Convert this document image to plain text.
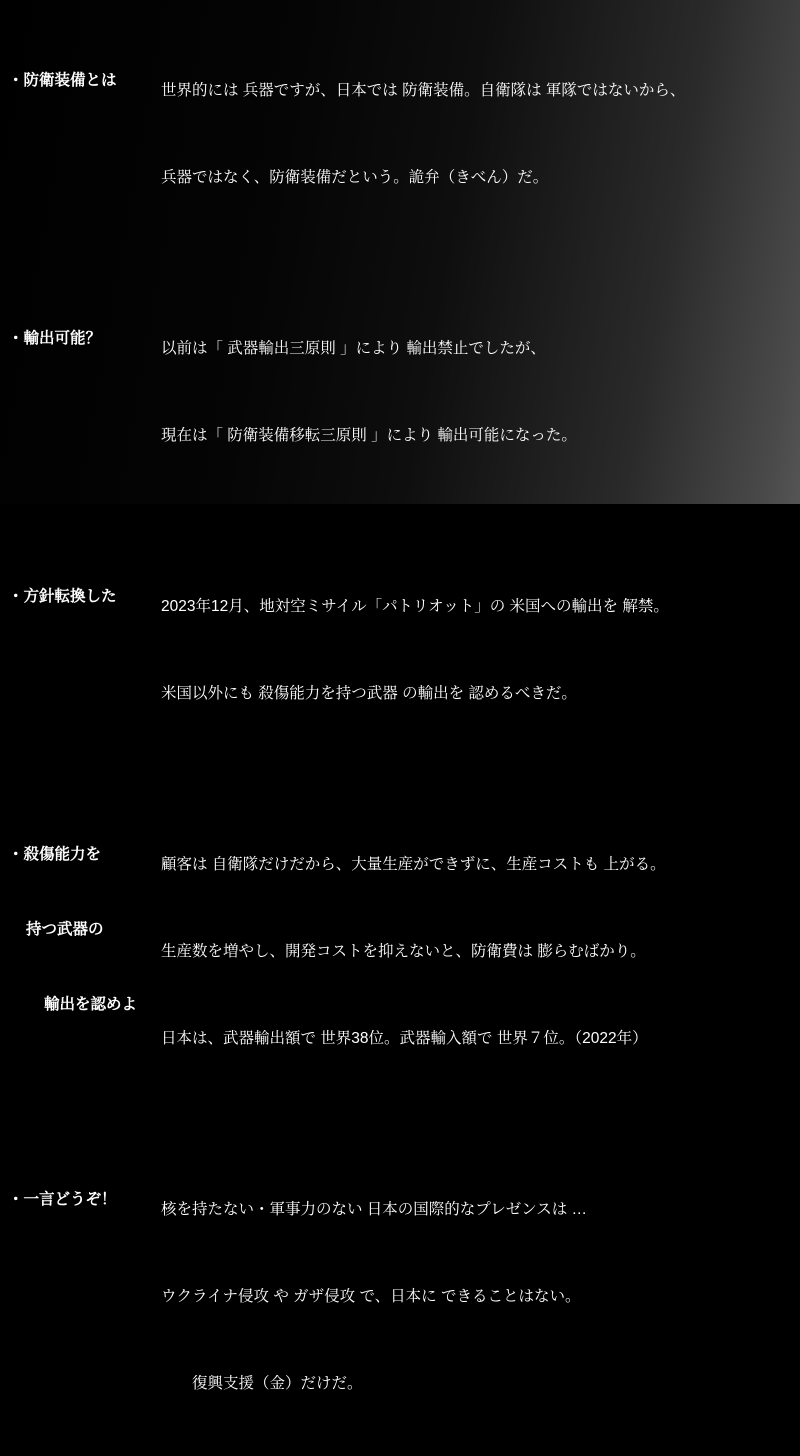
・防衛装備とは

世界的には 兵器ですが、日本では 防衛装備。自衛隊は 軍隊ではないから、

兵器ではなく、防衛装備だという。詭弁（きべん）だ。

・輸出可能？

以前は「 武器輸出三原則 」により 輸出禁止でしたが、

現在は「 防衛装備移転三原則 」により 輸出可能になった。

・方針転換した

2023年12月、地対空ミサイル「パトリオット」の 米国への輸出を 解禁。

米国以外にも 殺傷能力を持つ武器 の輸出を 認めるべきだ。

・殺傷能力を

持つ武器の

輸出を認めよ

顧客は 自衛隊だけだから、大量生産ができずに、生産コストも 上がる。

生産数を増やし、開発コストを抑えないと、防衛費は 膨らむばかり。

日本は、武器輸出額で 世界38位。武器輸入額で 世界７位。（2022年）

・一言どうぞ！

核を持たない・軍事力のない 日本の国際的なプレゼンスは …

ウクライナ侵攻 や ガザ侵攻 で、日本に できることはない。

　　復興支援（金）だけだ。
